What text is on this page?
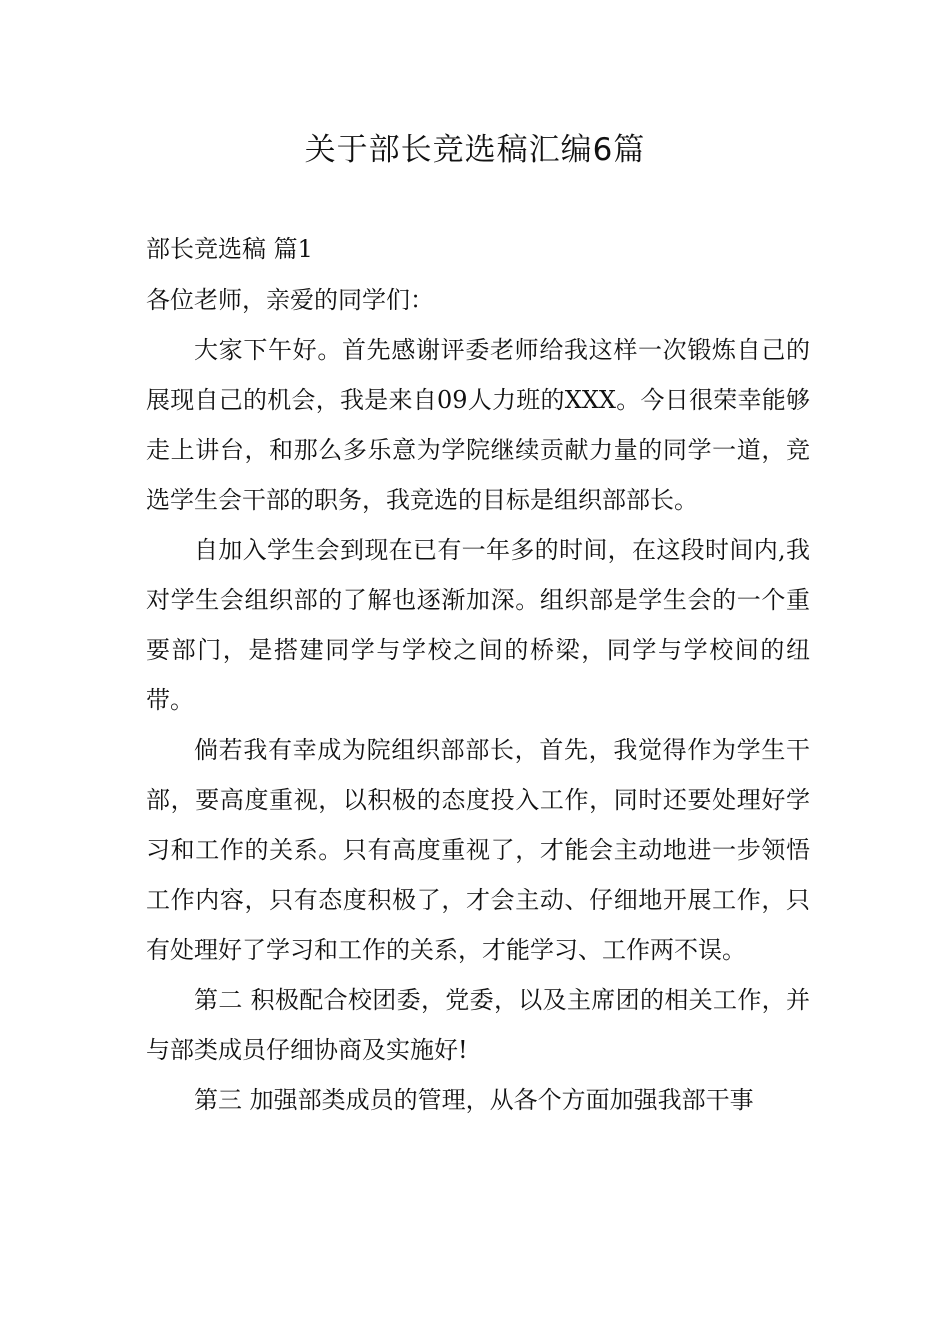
关于部长竞选稿汇编6篇
部长竞选稿 篇1
各位老师，亲爱的同学们：

大家下午好。首先感谢评委老师给我这样一次锻炼自己的展现自己的机会，我是来自09人力班的XXX。今日很荣幸能够走上讲台，和那么多乐意为学院继续贡献力量的同学一道，竞选学生会干部的职务，我竞选的目标是组织部部长。

自加入学生会到现在已有一年多的时间，在这段时间内,我对学生会组织部的了解也逐渐加深。组织部是学生会的一个重要部门，是搭建同学与学校之间的桥梁，同学与学校间的纽带。

倘若我有幸成为院组织部部长，首先，我觉得作为学生干部，要高度重视，以积极的态度投入工作，同时还要处理好学习和工作的关系。只有高度重视了，才能会主动地进一步领悟工作内容，只有态度积极了，才会主动、仔细地开展工作，只有处理好了学习和工作的关系，才能学习、工作两不误。

第二 积极配合校团委，党委，以及主席团的相关工作，并与部类成员仔细协商及实施好!

第三 加强部类成员的管理，从各个方面加强我部干事
